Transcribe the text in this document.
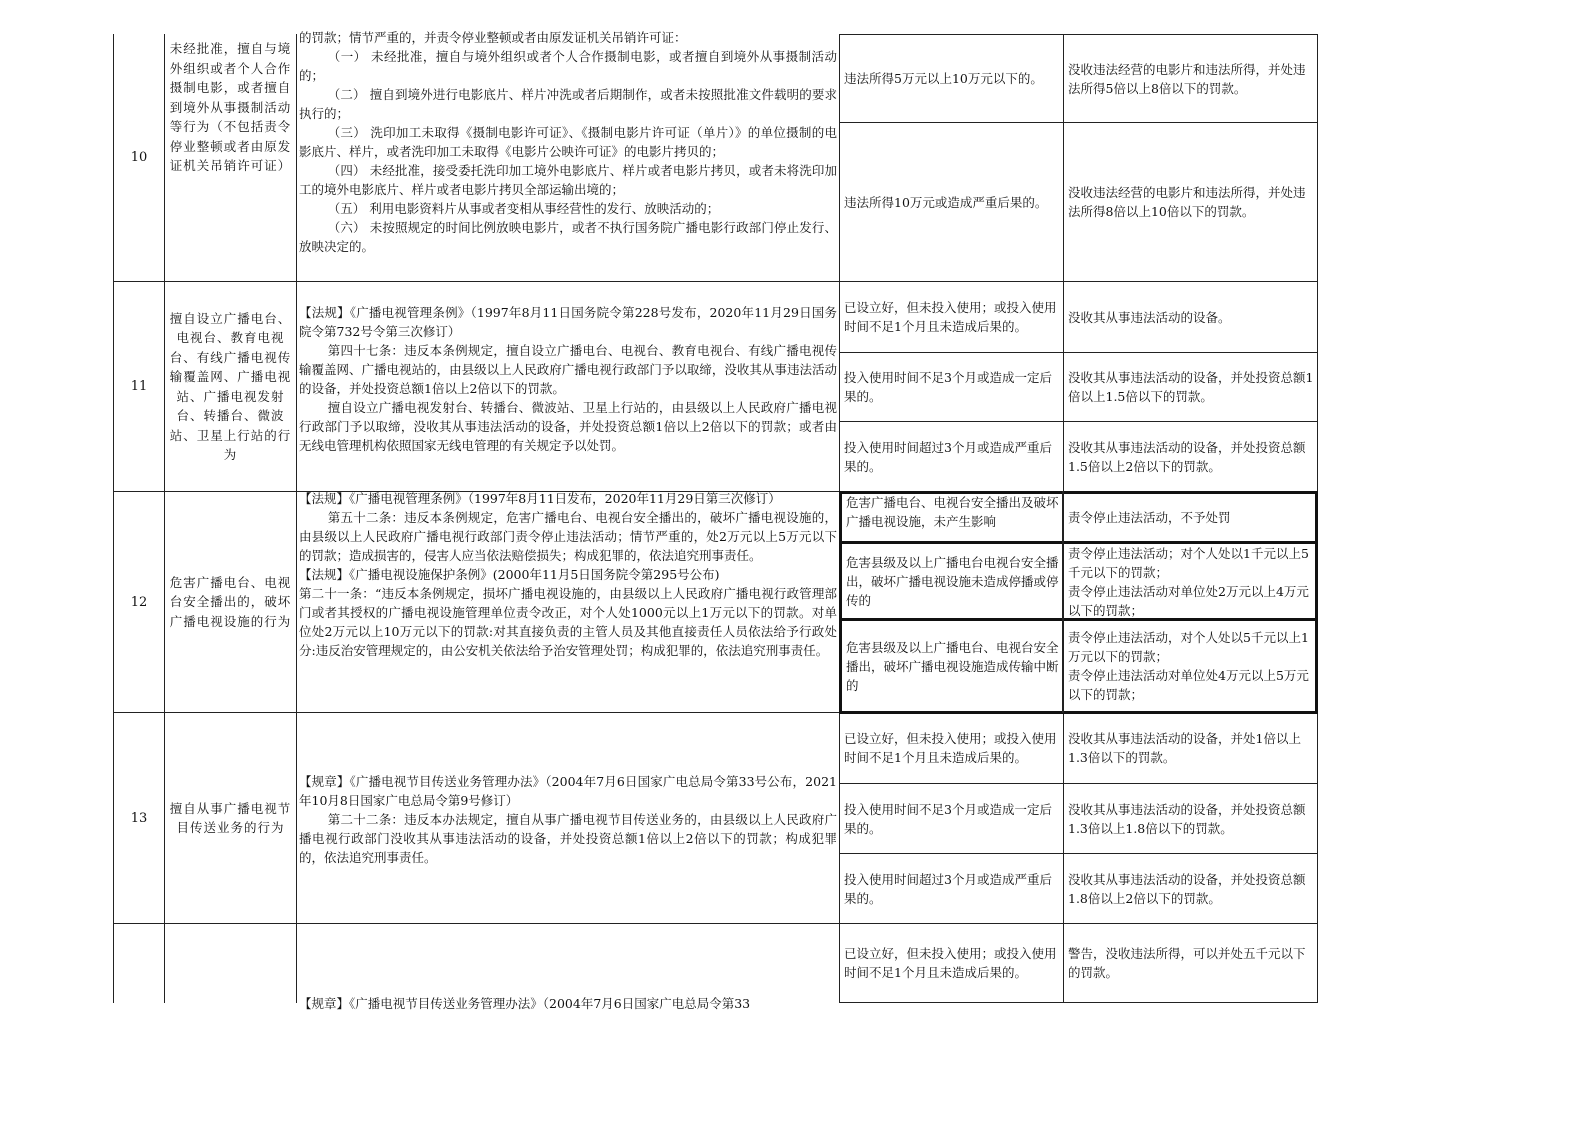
10
未经批准，擅自与境外组织或者个人合作摄制电影，或者擅自到境外从事摄制活动等行为（不包括责令停业整顿或者由原发证机关吊销许可证）

的罚款；情节严重的，并责令停业整顿或者由原发证机关吊销许可证：

（一） 未经批准，擅自与境外组织或者个人合作摄制电影，或者擅自到境外从事摄制活动的；

（二） 擅自到境外进行电影底片、样片冲洗或者后期制作，或者未按照批准文件载明的要求执行的；

（三） 洗印加工未取得《摄制电影许可证》、《摄制电影片许可证（单片）》的单位摄制的电影底片、样片，或者洗印加工未取得《电影片公映许可证》的电影片拷贝的；

（四） 未经批准，接受委托洗印加工境外电影底片、样片或者电影片拷贝，或者未将洗印加工的境外电影底片、样片或者电影片拷贝全部运输出境的；

（五） 利用电影资料片从事或者变相从事经营性的发行、放映活动的；

（六） 未按照规定的时间比例放映电影片，或者不执行国务院广播电影行政部门停止发行、放映决定的。

违法所得5万元以上10万元以下的。
没收违法经营的电影片和违法所得，并处违法所得5倍以上8倍以下的罚款。
违法所得10万元或造成严重后果的。
没收违法经营的电影片和违法所得，并处违法所得8倍以上10倍以下的罚款。
11
擅自设立广播电台、电视台、教育电视台、有线广播电视传输覆盖网、广播电视站、广播电视发射台、转播台、微波站、卫星上行站的行为

【法规】《广播电视管理条例》（1997年8月11日国务院令第228号发布，2020年11月29日国务院令第732号令第三次修订）

第四十七条：违反本条例规定，擅自设立广播电台、电视台、教育电视台、有线广播电视传输覆盖网、广播电视站的，由县级以上人民政府广播电视行政部门予以取缔，没收其从事违法活动的设备，并处投资总额1倍以上2倍以下的罚款。

擅自设立广播电视发射台、转播台、微波站、卫星上行站的，由县级以上人民政府广播电视行政部门予以取缔，没收其从事违法活动的设备，并处投资总额1倍以上2倍以下的罚款；或者由无线电管理机构依照国家无线电管理的有关规定予以处罚。

已设立好，但未投入使用；或投入使用时间不足1个月且未造成后果的。
没收其从事违法活动的设备。
投入使用时间不足3个月或造成一定后果的。
没收其从事违法活动的设备，并处投资总额1倍以上1.5倍以下的罚款。
投入使用时间超过3个月或造成严重后果的。
没收其从事违法活动的设备，并处投资总额1.5倍以上2倍以下的罚款。
12
危害广播电台、电视台安全播出的，破坏广播电视设施的行为

【法规】《广播电视管理条例》（1997年8月11日发布，2020年11月29日第三次修订）

第五十二条：违反本条例规定，危害广播电台、电视台安全播出的，破坏广播电视设施的，由县级以上人民政府广播电视行政部门责令停止违法活动；情节严重的，处2万元以上5万元以下的罚款；造成损害的，侵害人应当依法赔偿损失；构成犯罪的，依法追究刑事责任。

【法规】《广播电视设施保护条例》(2000年11月5日国务院令第295号公布)

第二十一条：“违反本条例规定，损坏广播电视设施的，由县级以上人民政府广播电视行政管理部门或者其授权的广播电视设施管理单位责令改正，对个人处1000元以上1万元以下的罚款。对单位处2万元以上10万元以下的罚款:对其直接负责的主管人员及其他直接责任人员依法给予行政处分:违反治安管理规定的，由公安机关依法给予治安管理处罚；构成犯罪的，依法追究刑事责任。

危害广播电台、电视台安全播出及破坏广播电视设施，未产生影响	责令停止违法活动，不予处罚
危害县级及以上广播电台电视台安全播出，破坏广播电视设施未造成停播或停传的
责令停止违法活动；对个人处以1千元以上5千元以下的罚款；
责令停止违法活动对单位处2万元以上4万元以下的罚款；
危害县级及以上广播电台、电视台安全播出，破坏广播电视设施造成传输中断的
责令停止违法活动，对个人处以5千元以上1万元以下的罚款；
责令停止违法活动对单位处4万元以上5万元以下的罚款；
13
擅自从事广播电视节目传送业务的行为

【规章】《广播电视节目传送业务管理办法》（2004年7月6日国家广电总局令第33号公布，2021年10月8日国家广电总局令第9号修订）

第二十二条：违反本办法规定，擅自从事广播电视节目传送业务的，由县级以上人民政府广播电视行政部门没收其从事违法活动的设备，并处投资总额1倍以上2倍以下的罚款；构成犯罪的，依法追究刑事责任。

已设立好，但未投入使用；或投入使用时间不足1个月且未造成后果的。
没收其从事违法活动的设备，并处1倍以上1.3倍以下的罚款。
投入使用时间不足3个月或造成一定后果的。
没收其从事违法活动的设备，并处投资总额1.3倍以上1.8倍以下的罚款。
投入使用时间超过3个月或造成严重后果的。
没收其从事违法活动的设备，并处投资总额1.8倍以上2倍以下的罚款。

【规章】《广播电视节目传送业务管理办法》（2004年7月6日国家广电总局令第33

已设立好，但未投入使用；或投入使用时间不足1个月且未造成后果的。
警告，没收违法所得，可以并处五千元以下的罚款。
